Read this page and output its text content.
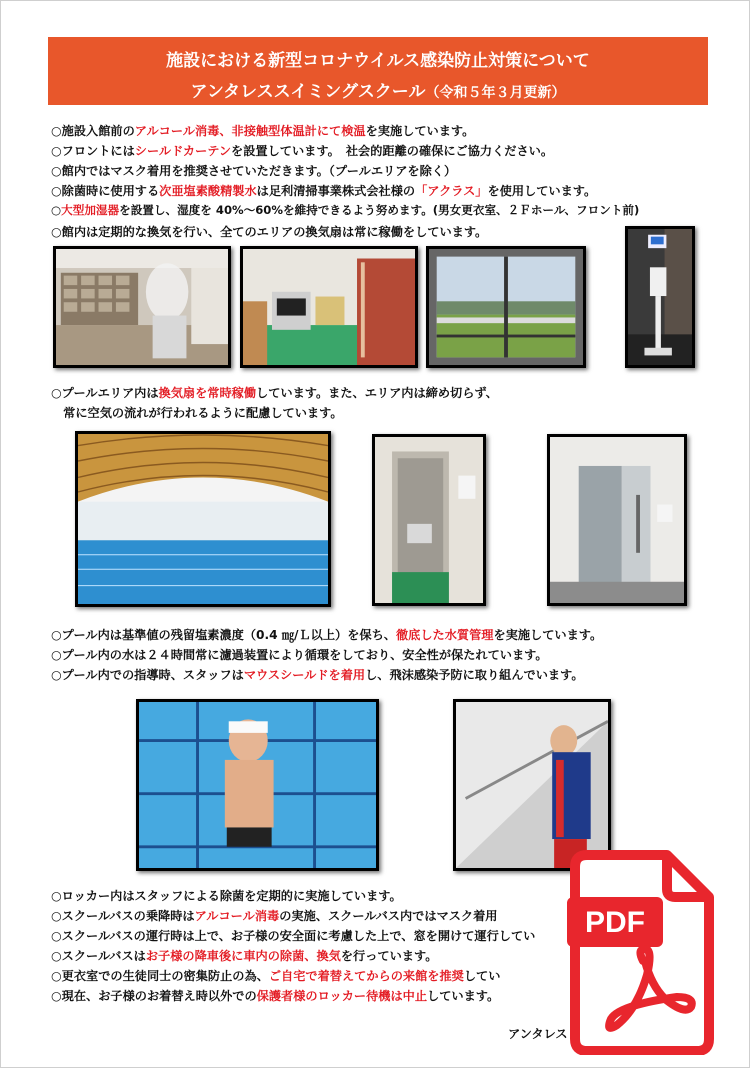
施設における新型コロナウイルス感染防止対策について
アンタレススイミングスクール（令和５年３月更新）
○施設入館前のアルコール消毒、非接触型体温計にて検温を実施しています。
○フロントにはシールドカーテンを設置しています。　社会的距離の確保にご協力ください。
○館内ではマスク着用を推奨させていただきます。（プールエリアを除く）
○除菌時に使用する次亜塩素酸精製水は足利清掃事業株式会社様の「アクラス」を使用しています。
○大型加湿器を設置し、湿度を 40%～60%を維持できるよう努めます。(男女更衣室、２Ｆホール、フロント前)
○館内は定期的な換気を行い、全てのエリアの換気扇は常に稼働をしています。
○プールエリア内は換気扇を常時稼働しています。また、エリア内は締め切らず、
　常に空気の流れが行われるように配慮しています。
○プール内は基準値の残留塩素濃度（0.4 ㎎/Ｌ以上）を保ち、徹底した水質管理を実施しています。
○プール内の水は２４時間常に濾過装置により循環をしており、安全性が保たれています。
○プール内での指導時、スタッフはマウスシールドを着用し、飛沫感染予防に取り組んでいます。
○ロッカー内はスタッフによる除菌を定期的に実施しています。
○スクールバスの乗降時はアルコール消毒の実施、スクールバス内ではマスク着用
○スクールバスの運行時は上で、お子様の安全面に考慮した上で、窓を開けて運行してい
○スクールバスはお子様の降車後に車内の除菌、換気を行っています。
○更衣室での生徒同士の密集防止の為、ご自宅で着替えてからの来館を推奨してい
○現在、お子様のお着替え時以外での保護者様のロッカー待機は中止しています。
アンタレス
PDF
